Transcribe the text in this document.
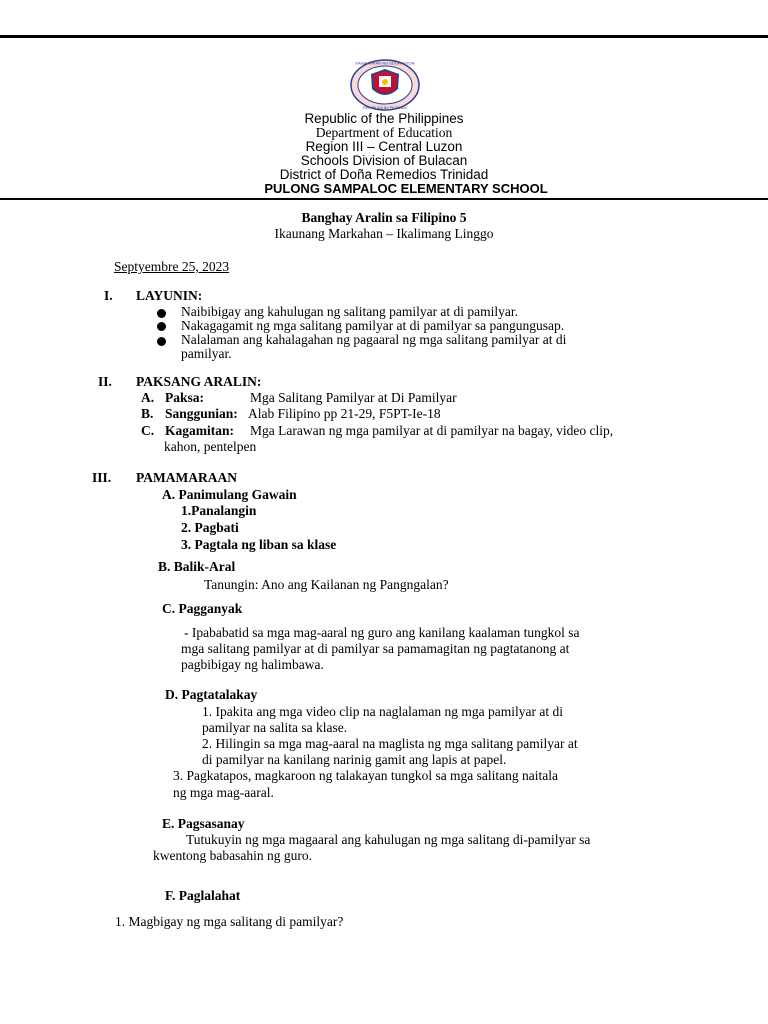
KAGAWARAN NG EDUKASYON
REPUBLIKA NG PILIPINAS
Republic of the Philippines
Department of Education
Region III – Central Luzon
Schools Division of Bulacan
District of Doña Remedios Trinidad
PULONG SAMPALOC ELEMENTARY SCHOOL
Banghay Aralin sa Filipino 5
Ikaunang Markahan – Ikalimang Linggo
Septyembre 25, 2023
I. LAYUNIN:
Naibibigay ang kahulugan ng salitang pamilyar at di pamilyar.
Nakagagamit ng mga salitang pamilyar at di pamilyar sa pangungusap.
Nalalaman ang kahalagahan ng pagaaral ng mga salitang pamilyar at di
pamilyar.
II. PAKSANG ARALIN:
A. Paksa:	Mga Salitang Pamilyar at Di Pamilyar
B. Sanggunian: Alab Filipino pp 21-29, F5PT-Ie-18
C. Kagamitan: Mga Larawan ng mga pamilyar at di pamilyar na bagay, video clip,
kahon, pentelpen
III. PAMAMARAAN
A. Panimulang Gawain
1.Panalangin
2. Pagbati
3. Pagtala ng liban sa klase
B. Balik-Aral
Tanungin: Ano ang Kailanan ng Pangngalan?
C. Pagganyak
- Ipababatid sa mga mag-aaral ng guro ang kanilang kaalaman tungkol sa
mga salitang pamilyar at di pamilyar sa pamamagitan ng pagtatanong at
pagbibigay ng halimbawa.
D. Pagtatalakay
1. Ipakita ang mga video clip na naglalaman ng mga pamilyar at di
pamilyar na salita sa klase.
2. Hilingin sa mga mag-aaral na maglista ng mga salitang pamilyar at
di pamilyar na kanilang narinig gamit ang lapis at papel.
3. Pagkatapos, magkaroon ng talakayan tungkol sa mga salitang naitala
ng mga mag-aaral.
E. Pagsasanay
Tutukuyin ng mga magaaral ang kahulugan ng mga salitang di-pamilyar sa
kwentong babasahin ng guro.
F. Paglalahat
1. Magbigay ng mga salitang di pamilyar?
